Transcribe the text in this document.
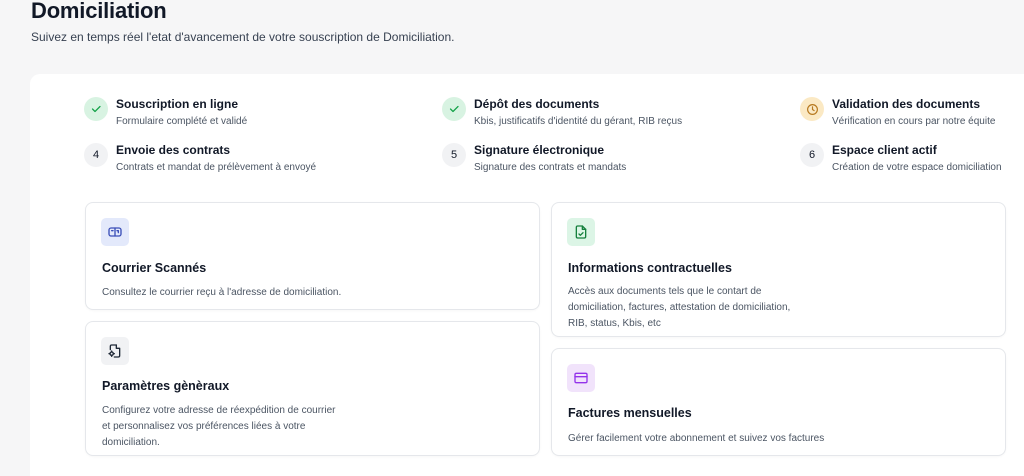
Domiciliation
Suivez en temps réel l'etat d'avancement de votre souscription de Domiciliation.
Souscription en ligne
Formulaire complété et validé
Dépôt des documents
Kbis, justificatifs d'identité du gérant, RIB reçus
Validation des documents
Vérification en cours par notre équite
4	Envoie des contrats
Contrats et mandat de prélèvement à envoyé
5	Signature électronique
Signature des contrats et mandats
6	Espace client actif
Création de votre espace domiciliation
Courrier Scannés
Consultez le courrier reçu à l'adresse de domiciliation.
Informations contractuelles
Accès aux documents tels que le contart de domiciliation, factures, attestation de domiciliation, RIB, status, Kbis, etc
Paramètres gènèraux
Configurez votre adresse de réexpédition de courrier et personnalisez vos préférences liées à votre domiciliation.
Factures mensuelles
Gérer facilement votre abonnement et suivez vos factures
